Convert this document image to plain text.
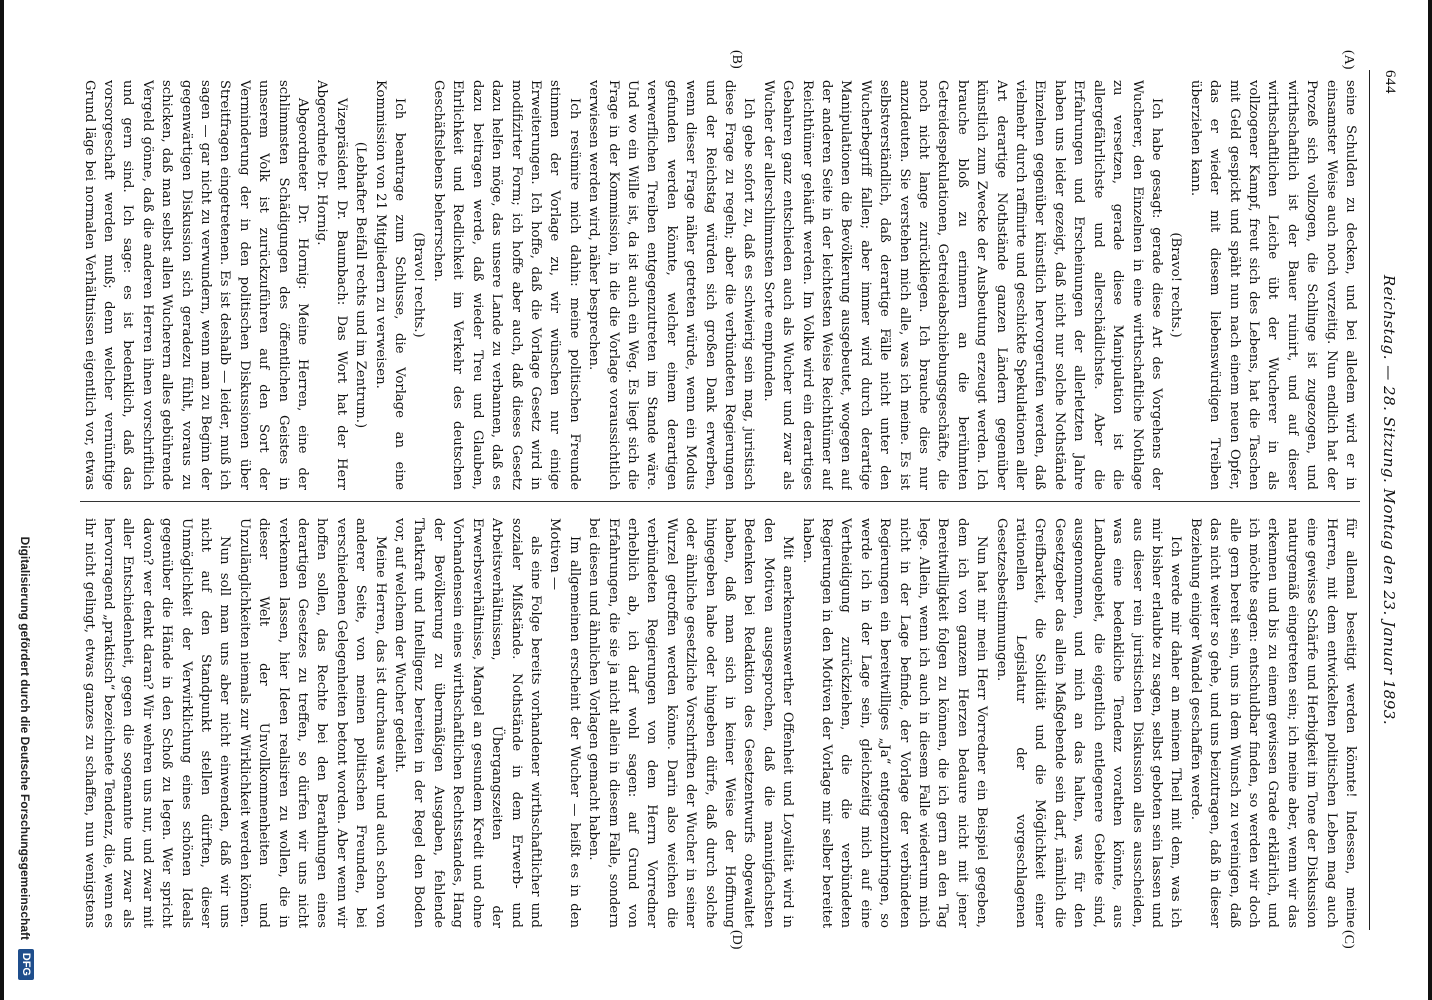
644
Reichstag. — 28. Sitzung. Montag den 23. Januar 1893.
(A)
(B)
(C)
(D)

seine Schulden zu decken, und bei alledem wird er in einsamster Weise auch noch vorzeitig. Nun endlich hat der Prozeß sich vollzogen, die Schlinge ist zugezogen, und wirthschaftlich ist der Bauer ruinirt, und auf dieser wirthschaftlichen Leiche übt der Wucherer in als vollzogener Kampf, freut sich des Lebens, hat die Taschen mit Geld gespickt und späht nun nach einem neuen Opfer, das er wieder mit diesem liebenswürdigen Treiben überziehen kann.

(Bravo! rechts.)

Ich habe gesagt: gerade diese Art des Vorgehens der Wucherer, den Einzelnen in eine wirthschaftliche Nothlage zu versetzen, gerade diese Manipulation ist die allergefährlichste und allerschädlichste. Aber die Erfahrungen und Erscheinungen der allerletzten Jahre haben uns leider gezeigt, daß nicht nur solche Nothstände Einzelnen gegenüber künstlich hervorgerufen werden, daß vielmehr durch raffinirte und geschickte Spekulationen aller Art derartige Nothstände ganzen Ländern gegenüber künstlich zum Zwecke der Ausbeutung erzeugt werden. Ich brauche bloß zu erinnern an die berühmten Getreidespekulationen, Getreideabschiebungsgeschäfte, die noch nicht lange zurückliegen. Ich brauche dies nur anzudeuten. Sie verstehen mich alle, was ich meine. Es ist selbstverständlich, daß derartige Fälle nicht unter den Wucherbegriff fallen; aber immer wird durch derartige Manipulationen die Bevölkerung ausgebeutet, wogegen auf der anderen Seite in der leichtesten Weise Reichthümer auf Reichthümer gehäuft werden. Im Volke wird ein derartiges Gebahren ganz entschieden auch als Wucher und zwar als Wucher der allerschlimmsten Sorte empfunden.

Ich gebe sofort zu, daß es schwierig sein mag, juristisch diese Frage zu regeln; aber die verbündeten Regierungen und der Reichstag würden sich großen Dank erwerben, wenn dieser Frage näher getreten würde, wenn ein Modus gefunden werden könnte, welcher einem derartigen verwerflichen Treiben entgegenzutreten im Stande wäre. Und wo ein Wille ist, da ist auch ein Weg. Es liegt sich die Frage in der Kommission, in die die Vorlage voraussichtlich verwiesen werden wird, näher besprechen.

Ich resümire mich dahin: meine politischen Freunde stimmen der Vorlage zu, wir wünschen nur einige Erweiterungen. Ich hoffe, daß die Vorlage Gesetz wird in modifizirter Form; ich hoffe aber auch, daß dieses Gesetz dazu helfen möge, das unsere Lande zu verbannen, daß es dazu beitragen werde, daß wieder Treu und Glauben, Ehrlichkeit und Redlichkeit im Verkehr des deutschen Geschäftslebens beherrschen.

(Bravo! rechts.)

Ich beantrage zum Schlusse, die Vorlage an eine Kommission von 21 Mitgliedern zu verweisen.

(Lebhafter Beifall rechts und im Zentrum.)

Vizepräsident Dr. Baumbach: Das Wort hat der Herr Abgeordnete Dr. Hornig.

Abgeordneter Dr. Hornig: Meine Herren, eine der schlimmsten Schädigungen des öffentlichen Geistes in unserem Volk ist zurückzuführen auf den Sort der Verminderung der in den politischen Diskussionen über Streitfragen eingetretenen. Es ist deshalb — leider, muß ich sagen — gar nicht zu verwundern, wenn man zu Beginn der gegenwärtigen Diskussion sich geradezu fühlt, voraus zu schicken, daß man selbst allen Wucherern alles gebührende Vergeld gönne, daß die anderen Herren ihnen vorschriftlich und gern sind. Ich sage: es ist bedenklich, daß das vorsorgeschaft werden muß; denn welcher vernünftige Grund läge bei normalen Verhältnissen eigentlich vor, etwas

für allemal beseitigt werden könnte! Indessen, meine Herren, mit dem entwickelten politischen Leben mag auch eine gewisse Schärfe und Herbigkeit im Tone der Diskussion naturgemäß eingetreten sein; ich meine aber, wenn wir das erkennen und bis zu einem gewissen Grade erklärlich, und ich möchte sagen: entschuldbar finden, so werden wir doch alle gern bereit sein, uns in dem Wunsch zu vereinigen, daß das nicht weiter so gehe, und uns beizutragen, daß in dieser Beziehung einiger Wandel geschaffen werde.

Ich werde mir daher an meinem Theil mit dem, was ich mir bisher erlaubte zu sagen, selbst geboten sein lassen und aus dieser rein juristischen Diskussion alles ausscheiden, was eine bedenkliche Tendenz vorathen könnte, aus Landbaugebiet, die eigentlich entlegenere Gebiete sind, ausgenommen, und mich an das halten, was für den Gesetzgeber das allein Maßgebende sein darf, nämlich die Greifbarkeit, die Solidität und die Möglichkeit einer rationellen Legislatur der vorgeschlagenen Gesetzesbestimmungen.

Nun hat mir mein Herr Vorredner ein Beispiel gegeben, dem ich von ganzem Herzen bedaure nicht mit jener Bereitwilligkeit folgen zu können, die ich gern an den Tag lege. Allein, wenn ich auch in diesem Falle wiederum mich nicht in der Lage befinde, der Vorlage der verbündeten Regierungen ein bereitwilliges „Ja“ entgegenzubringen, so werde ich in der Lage sein, gleichzeitig mich auf eine Vertheidigung zurückziehen, die die verbündeten Regierungen in den Motiven der Vorlage mir selber bereitet haben.

Mit anerkennenswerther Offenheit und Loyalität wird in den Motiven ausgesprochen, daß die mannigfachsten Bedenken bei Redaktion des Gesetzentwurfs obgewaltet haben, daß man sich in keiner Weise der Hoffnung hingegeben habe oder hingeben dürfe, daß durch solche oder ähnliche gesetzliche Vorschriften der Wucher in seiner Wurzel getroffen werden könne. Darin also weichen die verbündeten Regierungen von dem Herrn Vorredner erheblich ab, ich darf wohl sagen: auf Grund von Erfahrungen, die sie ja nicht allein in diesem Falle, sondern bei diesen und ähnlichen Vorlagen gemacht haben.

Im allgemeinen erscheint der Wucher — heißt es in den Motiven —

als eine Folge bereits vorhandener wirthschaftlicher und sozialer Mißstände. Nothstände in dem Erwerb- und Arbeitsverhältnissen, Übergangszeiten der Erwerbsverhältnisse, Mangel an gesundem Kredit und ohne Vorhandensein eines wirthschaftlichen Rechtsstandes, Hang der Bevölkerung zu übermäßigen Ausgaben, fehlende Thatkraft und Intelligenz bereiten in der Regel den Boden vor, auf welchem der Wucher gedeiht.

Meine Herren, das ist durchaus wahr und auch schon von anderer Seite, von meinen politischen Freunden, bei verschiedenen Gelegenheiten betont worden. Aber wenn wir hoffen sollen, das Rechte bei den Berathungen eines derartigen Gesetzes zu treffen, so dürfen wir uns nicht verkennen lassen, hier Ideen realisiren zu wollen, die in dieser Welt der Unvollkommenheiten und Unzulänglichkeiten niemals zur Wirklichkeit werden können.

Nun soll man uns aber nicht einwenden, daß wir uns nicht auf den Standpunkt stellen dürften, dieser Unmöglichkeit der Verwirklichung eines schönen Ideals gegenüber die Hände in den Schoß zu legen. Wer spricht davon? wer denkt daran? Wir wehren uns nur, und zwar mit aller Entschiedenheit, gegen die sogenannte und zwar als hervorragend „praktisch“ bezeichnete Tendenz, die, wenn es ihr nicht gelingt, etwas ganzes zu schaffen, nun wenigstens

Digitalisierung gefördert durch die Deutsche Forschungsgemeinschaft
DFG
